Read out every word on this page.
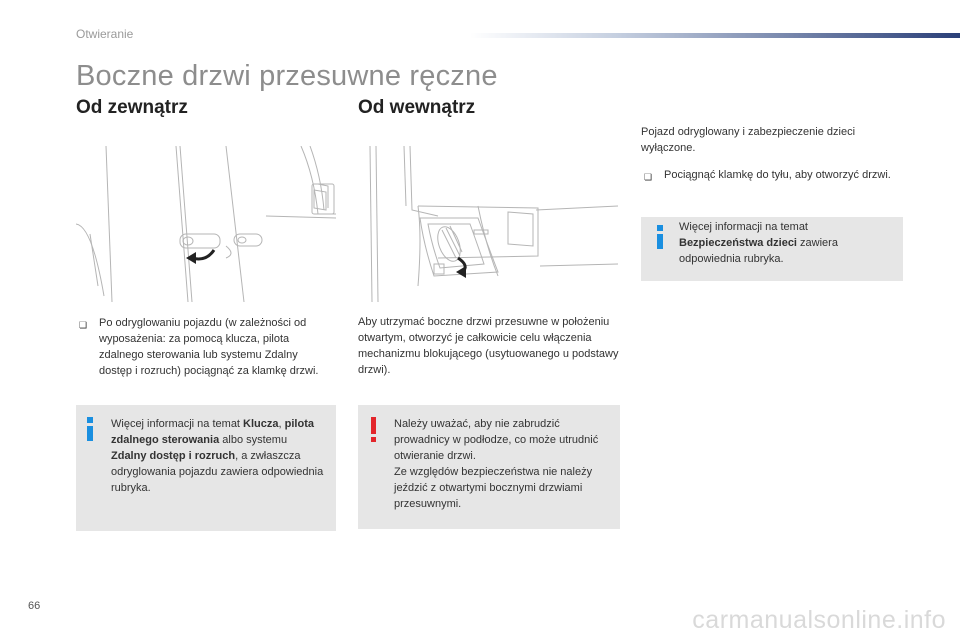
Otwieranie
Boczne drzwi przesuwne ręczne
Od zewnątrz	Od wewnątrz
❏ Po odryglowaniu pojazdu (w zależności od wyposażenia: za pomocą klucza, pilota zdalnego sterowania lub systemu Zdalny dostęp i rozruch) pociągnąć za klamkę drzwi.
Więcej informacji na temat Klucza, pilota zdalnego sterowania albo systemu Zdalny dostęp i rozruch, a zwłaszcza odryglowania pojazdu zawiera odpowiednia rubryka.
Aby utrzymać boczne drzwi przesuwne w położeniu otwartym, otworzyć je całkowicie celu włączenia mechanizmu blokującego (usytuowanego u podstawy drzwi).
Należy uważać, aby nie zabrudzić prowadnicy w podłodze, co może utrudnić otwieranie drzwi.
Ze względów bezpieczeństwa nie należy jeździć z otwartymi bocznymi drzwiami przesuwnymi.
Pojazd odryglowany i zabezpieczenie dzieci wyłączone.
❏ Pociągnąć klamkę do tyłu, aby otworzyć drzwi.
Więcej informacji na temat Bezpieczeństwa dzieci zawiera odpowiednia rubryka.
66	carmanualsonline.info
